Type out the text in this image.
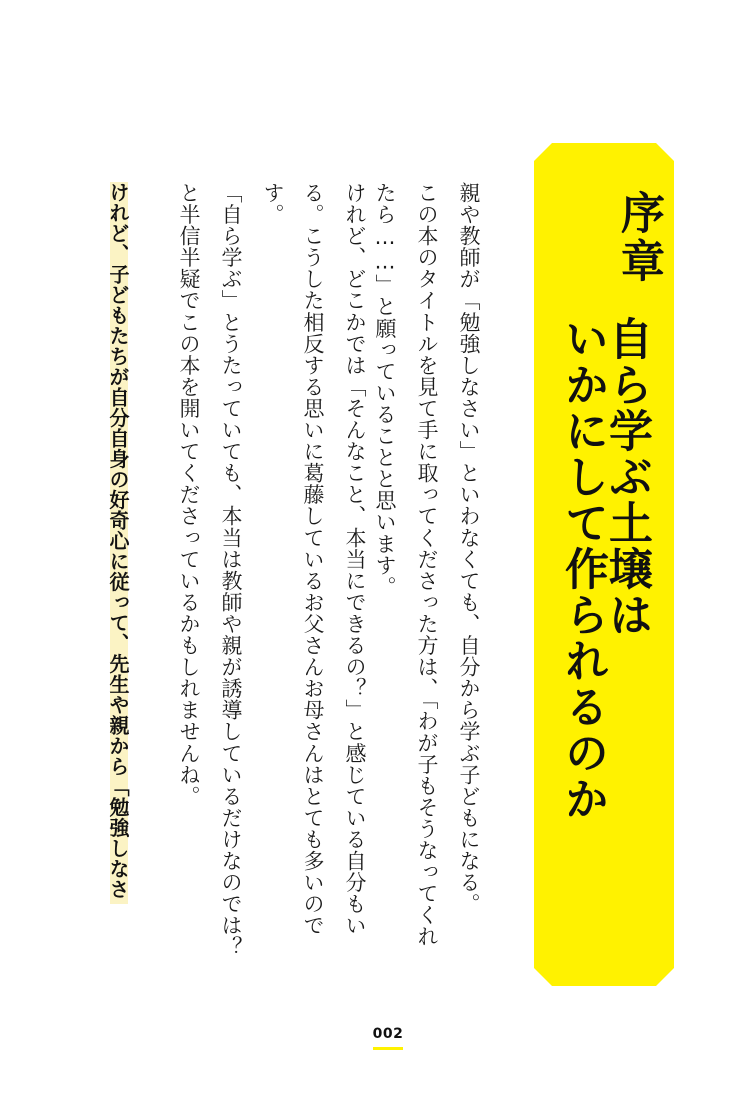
序章
自ら学ぶ土壌は
いかにして作られるのか
親や教師が「勉強しなさい」といわなくても、自分から学ぶ子どもになる。
この本のタイトルを見て手に取ってくださった方は、「わが子もそうなってくれ
たら……」と願っていることと思います。
けれど、どこかでは「そんなこと、本当にできるの？」と感じている自分もい
る。こうした相反する思いに葛藤しているお父さんお母さんはとても多いので
す。
「自ら学ぶ」とうたっていても、本当は教師や親が誘導しているだけなのでは？
と半信半疑でこの本を開いてくださっているかもしれませんね。
けれど、子どもたちが自分自身の好奇心に従って、先生や親から「勉強しなさ
002
